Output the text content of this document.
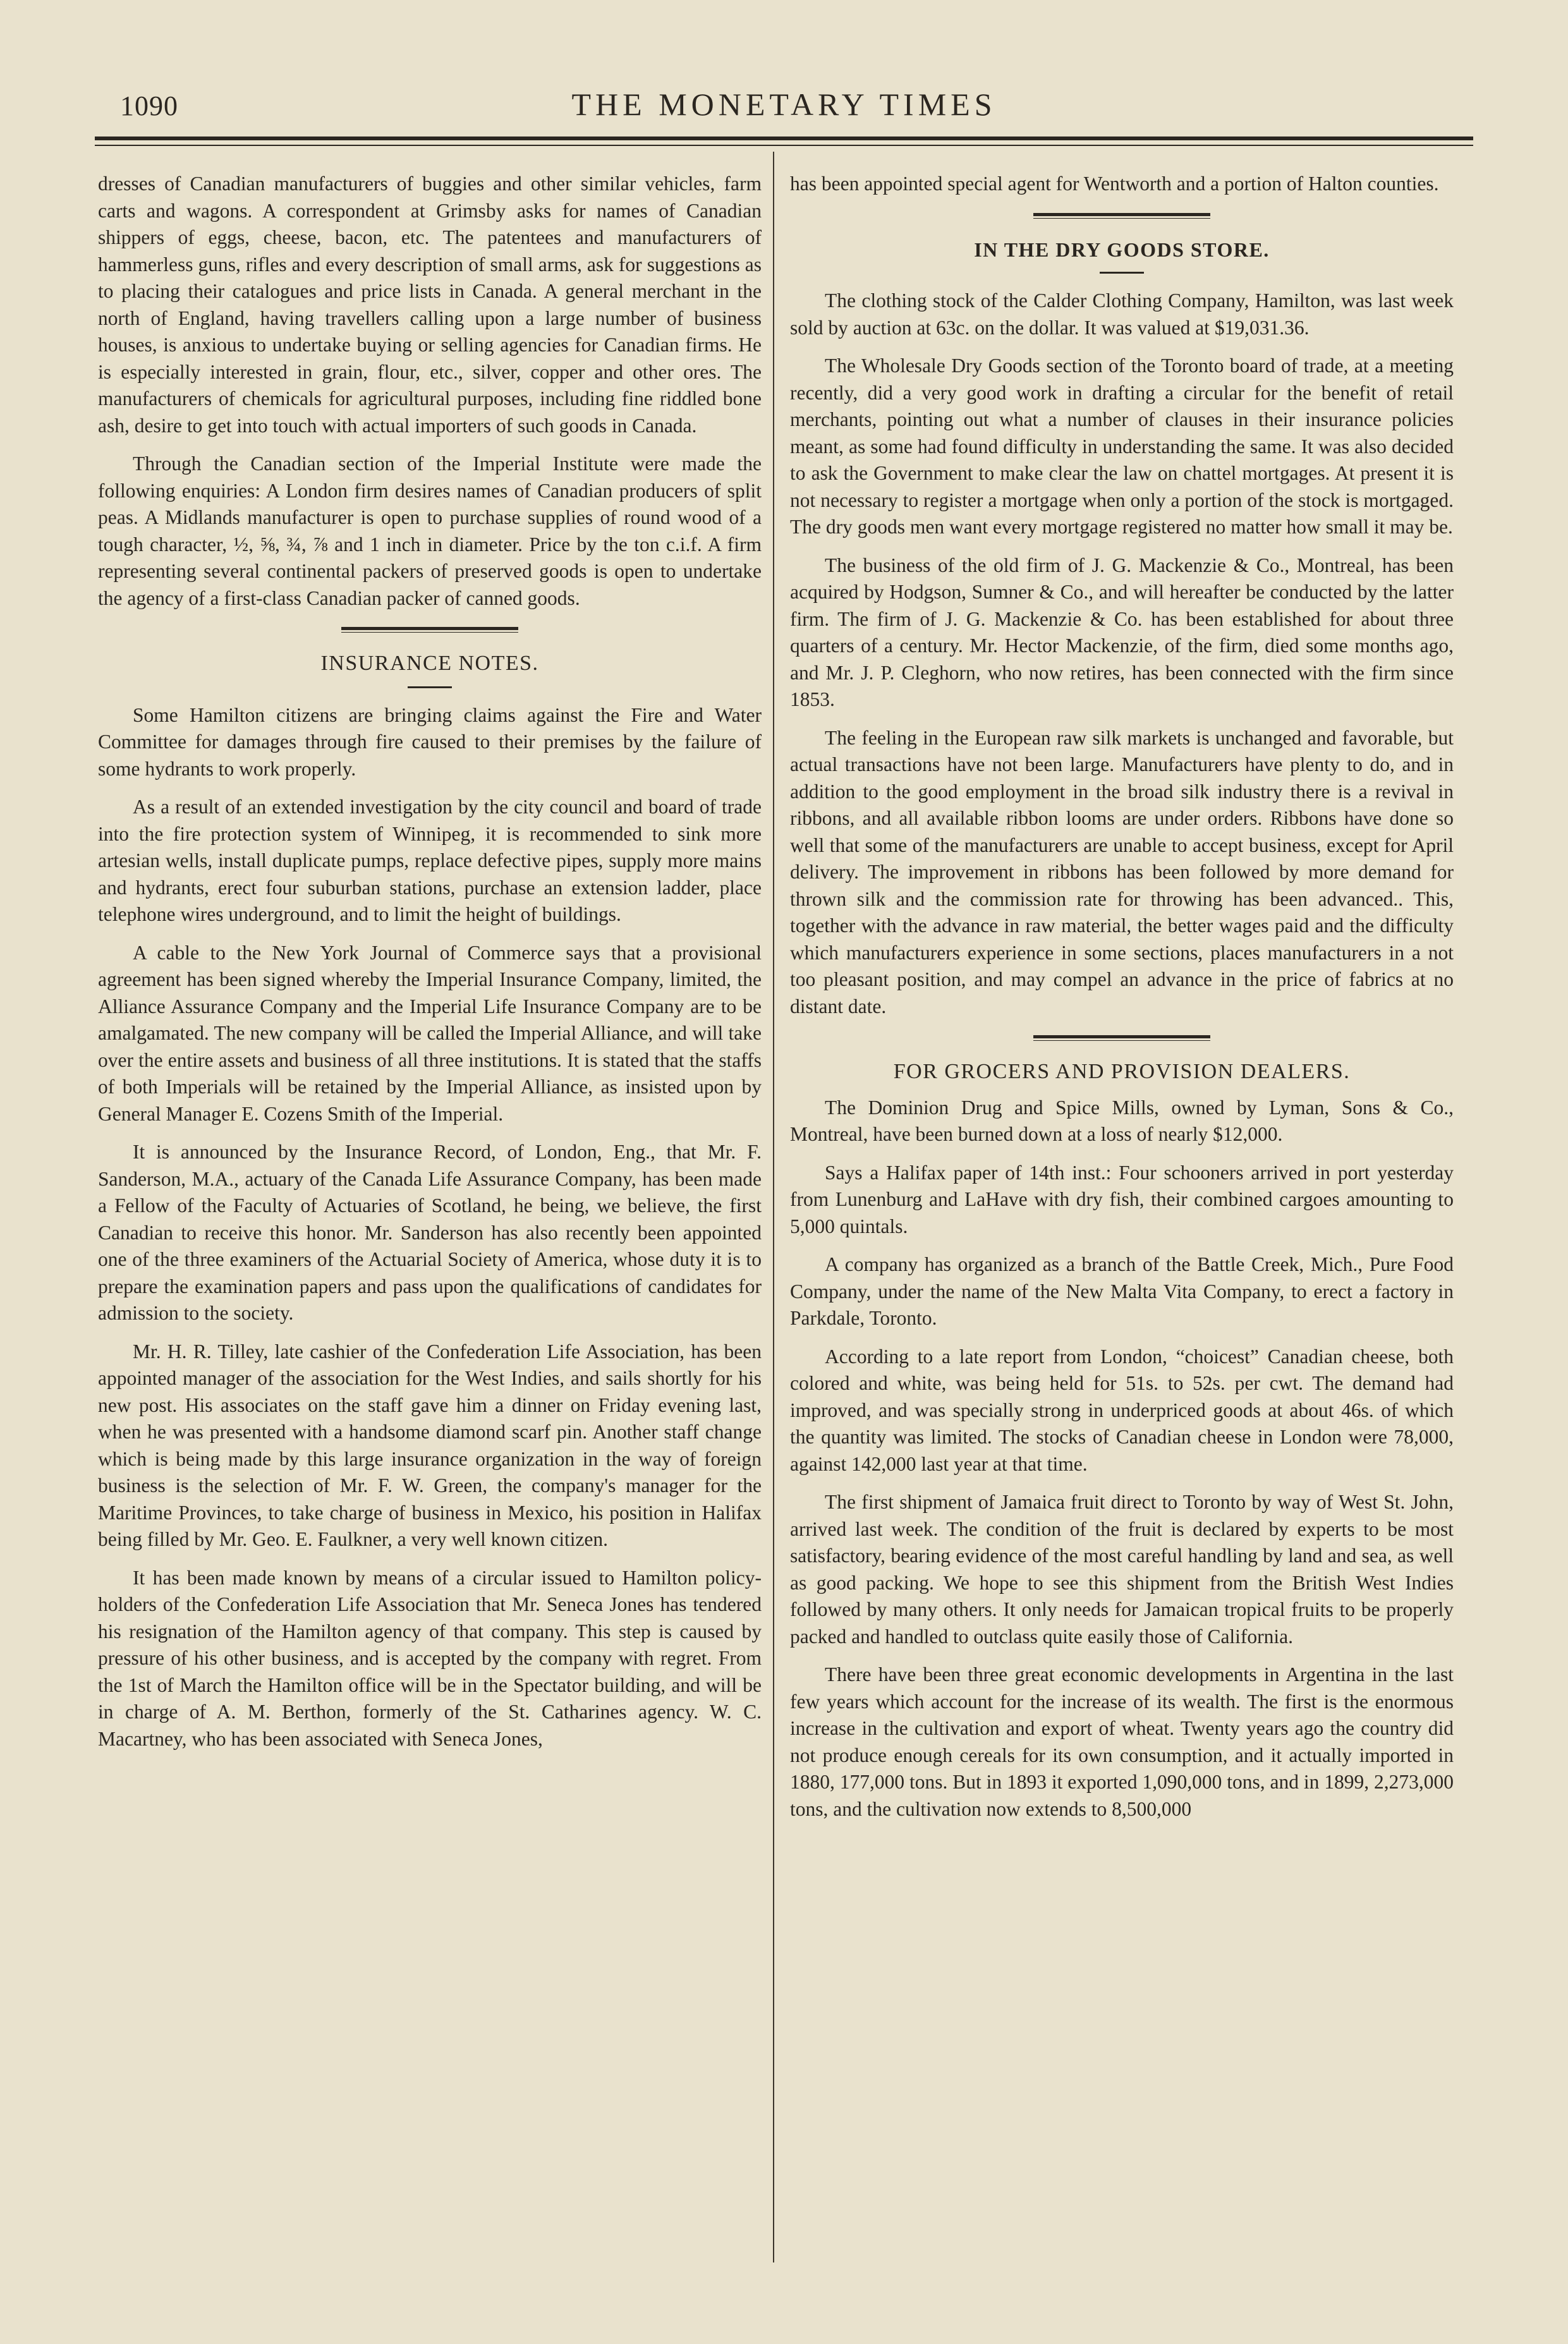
1090	THE MONETARY TIMES

dresses of Canadian manufacturers of buggies and other similar vehicles, farm carts and wagons. A correspondent at Grimsby asks for names of Canadian shippers of eggs, cheese, bacon, etc. The patentees and manufacturers of hammerless guns, rifles and every description of small arms, ask for suggestions as to placing their catalogues and price lists in Canada. A general merchant in the north of England, having travellers calling upon a large number of business houses, is anxious to undertake buying or selling agencies for Canadian firms. He is especially interested in grain, flour, etc., silver, copper and other ores. The manufacturers of chemicals for agricultural purposes, including fine riddled bone ash, desire to get into touch with actual importers of such goods in Canada.

Through the Canadian section of the Imperial Institute were made the following enquiries: A London firm desires names of Canadian producers of split peas. A Midlands manufacturer is open to purchase supplies of round wood of a tough character, ½, ⅝, ¾, ⅞ and 1 inch in diameter. Price by the ton c.i.f. A firm representing several continental packers of preserved goods is open to undertake the agency of a first-class Canadian packer of canned goods.

INSURANCE NOTES.

Some Hamilton citizens are bringing claims against the Fire and Water Committee for damages through fire caused to their premises by the failure of some hydrants to work properly.

As a result of an extended investigation by the city council and board of trade into the fire protection system of Winnipeg, it is recommended to sink more artesian wells, install duplicate pumps, replace defective pipes, supply more mains and hydrants, erect four suburban stations, purchase an extension ladder, place telephone wires underground, and to limit the height of buildings.

A cable to the New York Journal of Commerce says that a provisional agreement has been signed whereby the Imperial Insurance Company, limited, the Alliance Assurance Company and the Imperial Life Insurance Company are to be amalgamated. The new company will be called the Imperial Alliance, and will take over the entire assets and business of all three institutions. It is stated that the staffs of both Imperials will be retained by the Imperial Alliance, as insisted upon by General Manager E. Cozens Smith of the Imperial.

It is announced by the Insurance Record, of London, Eng., that Mr. F. Sanderson, M.A., actuary of the Canada Life Assurance Company, has been made a Fellow of the Faculty of Actuaries of Scotland, he being, we believe, the first Canadian to receive this honor. Mr. Sanderson has also recently been appointed one of the three examiners of the Actuarial Society of America, whose duty it is to prepare the examination papers and pass upon the qualifications of candidates for admission to the society.

Mr. H. R. Tilley, late cashier of the Confederation Life Association, has been appointed manager of the association for the West Indies, and sails shortly for his new post. His associates on the staff gave him a dinner on Friday evening last, when he was presented with a handsome diamond scarf pin. Another staff change which is being made by this large insurance organization in the way of foreign business is the selection of Mr. F. W. Green, the company's manager for the Maritime Provinces, to take charge of business in Mexico, his position in Halifax being filled by Mr. Geo. E. Faulkner, a very well known citizen.

It has been made known by means of a circular issued to Hamilton policy-holders of the Confederation Life Association that Mr. Seneca Jones has tendered his resignation of the Hamilton agency of that company. This step is caused by pressure of his other business, and is accepted by the company with regret. From the 1st of March the Hamilton office will be in the Spectator building, and will be in charge of A. M. Berthon, formerly of the St. Catharines agency. W. C. Macartney, who has been associated with Seneca Jones,

has been appointed special agent for Wentworth and a portion of Halton counties.

IN THE DRY GOODS STORE.

The clothing stock of the Calder Clothing Company, Hamilton, was last week sold by auction at 63c. on the dollar. It was valued at $19,031.36.

The Wholesale Dry Goods section of the Toronto board of trade, at a meeting recently, did a very good work in drafting a circular for the benefit of retail merchants, pointing out what a number of clauses in their insurance policies meant, as some had found difficulty in understanding the same. It was also decided to ask the Government to make clear the law on chattel mortgages. At present it is not necessary to register a mortgage when only a portion of the stock is mortgaged. The dry goods men want every mortgage registered no matter how small it may be.

The business of the old firm of J. G. Mackenzie & Co., Montreal, has been acquired by Hodgson, Sumner & Co., and will hereafter be conducted by the latter firm. The firm of J. G. Mackenzie & Co. has been established for about three quarters of a century. Mr. Hector Mackenzie, of the firm, died some months ago, and Mr. J. P. Cleghorn, who now retires, has been connected with the firm since 1853.

The feeling in the European raw silk markets is unchanged and favorable, but actual transactions have not been large. Manufacturers have plenty to do, and in addition to the good employment in the broad silk industry there is a revival in ribbons, and all available ribbon looms are under orders. Ribbons have done so well that some of the manufacturers are unable to accept business, except for April delivery. The improvement in ribbons has been followed by more demand for thrown silk and the commission rate for throwing has been advanced.. This, together with the advance in raw material, the better wages paid and the difficulty which manufacturers experience in some sections, places manufacturers in a not too pleasant position, and may compel an advance in the price of fabrics at no distant date.

FOR GROCERS AND PROVISION DEALERS.

The Dominion Drug and Spice Mills, owned by Lyman, Sons & Co., Montreal, have been burned down at a loss of nearly $12,000.

Says a Halifax paper of 14th inst.: Four schooners arrived in port yesterday from Lunenburg and LaHave with dry fish, their combined cargoes amounting to 5,000 quintals.

A company has organized as a branch of the Battle Creek, Mich., Pure Food Company, under the name of the New Malta Vita Company, to erect a factory in Parkdale, Toronto.

According to a late report from London, “choicest” Canadian cheese, both colored and white, was being held for 51s. to 52s. per cwt. The demand had improved, and was specially strong in underpriced goods at about 46s. of which the quantity was limited. The stocks of Canadian cheese in London were 78,000, against 142,000 last year at that time.

The first shipment of Jamaica fruit direct to Toronto by way of West St. John, arrived last week. The condition of the fruit is declared by experts to be most satisfactory, bearing evidence of the most careful handling by land and sea, as well as good packing. We hope to see this shipment from the British West Indies followed by many others. It only needs for Jamaican tropical fruits to be properly packed and handled to outclass quite easily those of California.

There have been three great economic developments in Argentina in the last few years which account for the increase of its wealth. The first is the enormous increase in the cultivation and export of wheat. Twenty years ago the country did not produce enough cereals for its own consumption, and it actually imported in 1880, 177,000 tons. But in 1893 it exported 1,090,000 tons, and in 1899, 2,273,000 tons, and the cultivation now extends to 8,500,000
